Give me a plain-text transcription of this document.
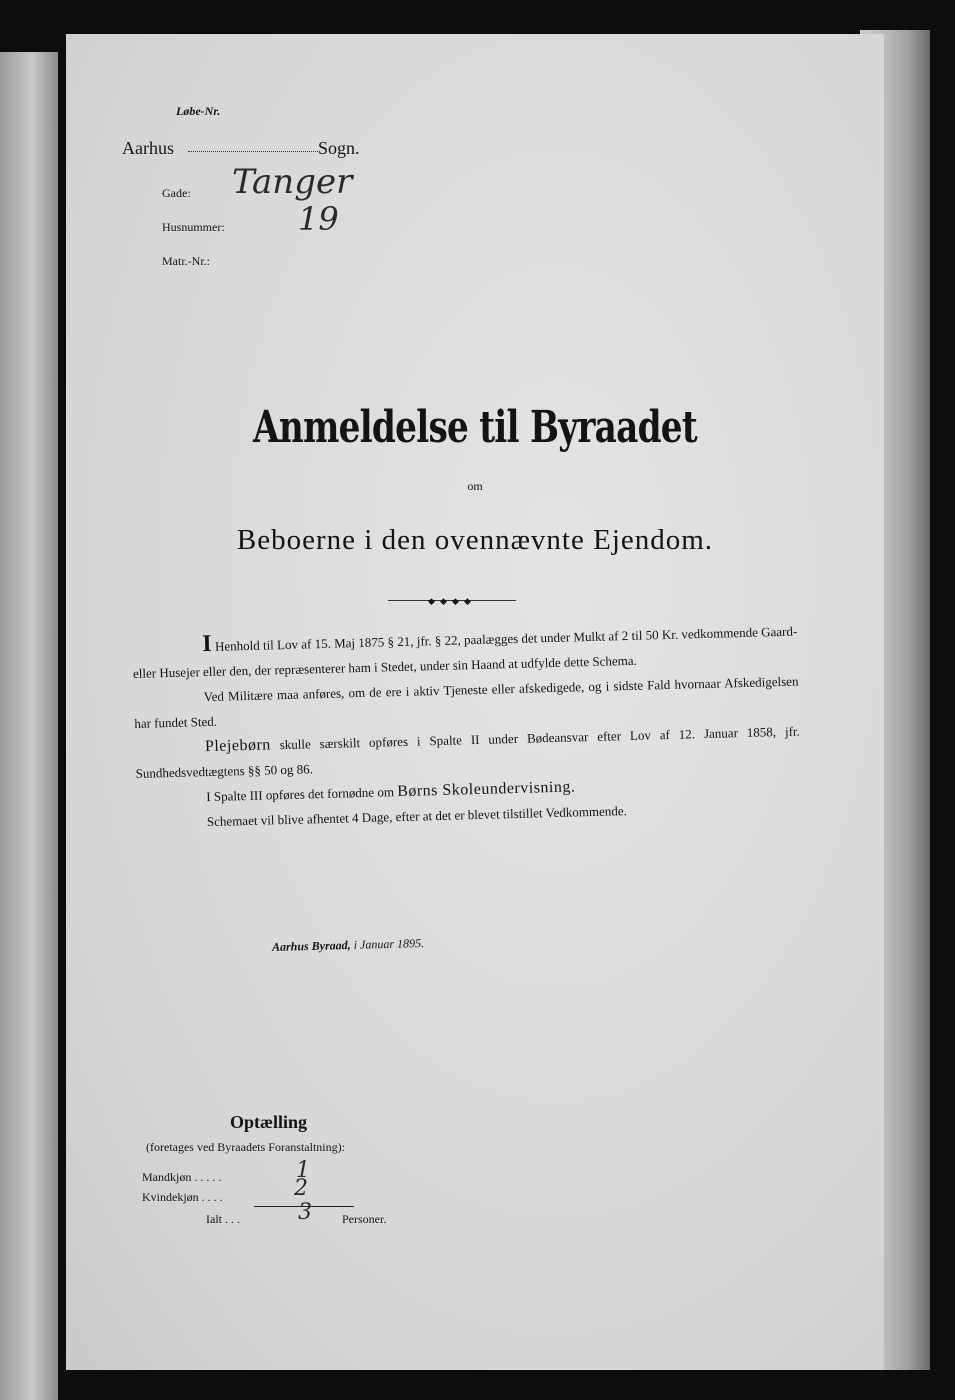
Løbe-Nr.
Aarhus	Sogn.
Gade: Tanger
Husnummer: 19
Matr.-Nr.:
Anmeldelse til Byraadet
om
Beboerne i den ovennævnte Ejendom.
◆ ◆ ◆ ◆

I Henhold til Lov af 15. Maj 1875 § 21, jfr. § 22, paalægges det under Mulkt af 2 til 50 Kr. vedkommende Gaard- eller Husejer eller den, der repræsenterer ham i Stedet, under sin Haand at udfylde dette Schema.

Ved Militære maa anføres, om de ere i aktiv Tjeneste eller afskedigede, og i sidste Fald hvornaar Afskedigelsen har fundet Sted.

Plejebørn skulle særskilt opføres i Spalte II under Bødeansvar efter Lov af 12. Januar 1858, jfr. Sundhedsvedtægtens §§ 50 og 86.

I Spalte III opføres det fornødne om Børns Skoleundervisning.

Schemaet vil blive afhentet 4 Dage, efter at det er blevet tilstillet Vedkommende.

Aarhus Byraad, i Januar 1895.
Optælling
(foretages ved Byraadets Foranstaltning):
Mandkjøn . . . . .	1
Kvindekjøn . . . .	2
Ialt . . .	3	Personer.
